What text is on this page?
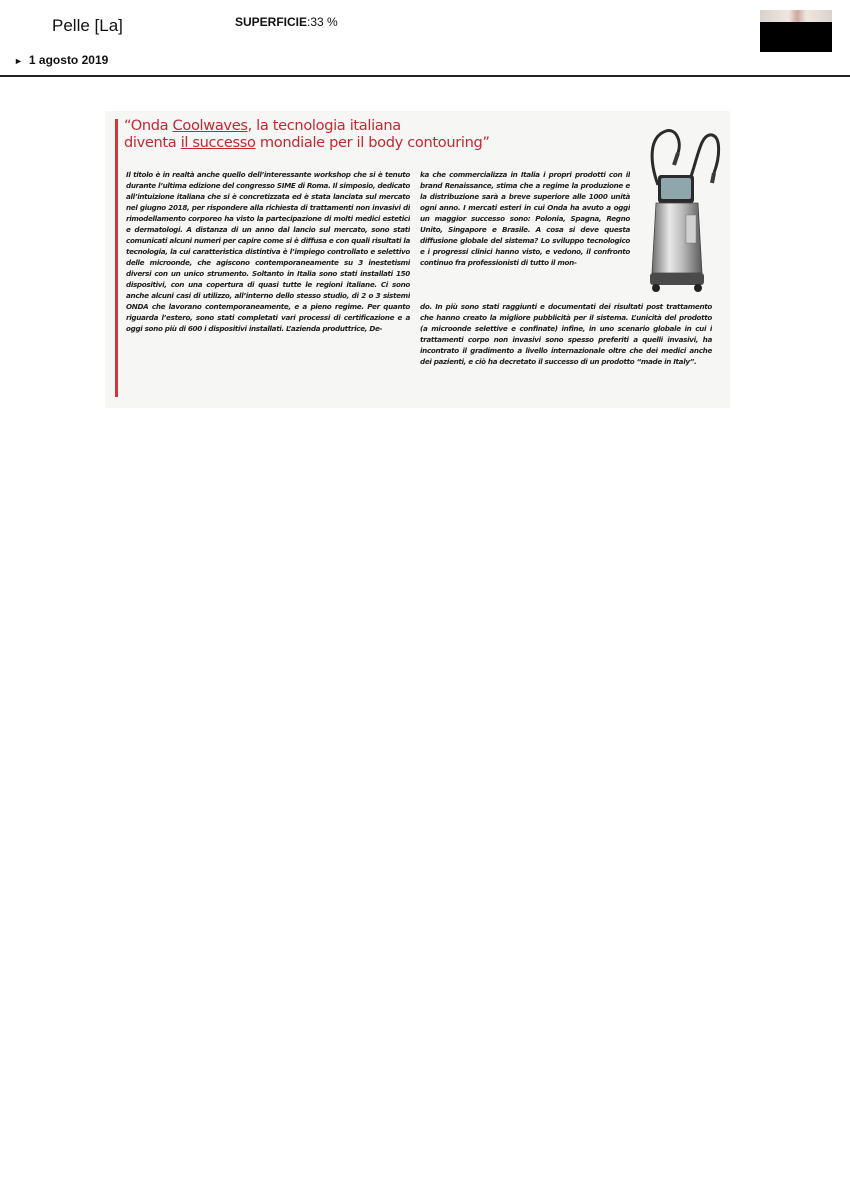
Pelle [La]	SUPERFICIE:33 %
► 1 agosto 2019
“Onda Coolwaves, la tecnologia italiana
diventa il successo mondiale per il body contouring”
Il titolo è in realtà anche quello dell’interessante workshop che si è tenuto durante l’ultima edizione del congresso SIME di Roma. Il simposio, dedicato all’intuizione italiana che si è concretizzata ed è stata lanciata sul mercato nel giugno 2018, per rispondere alla richiesta di trattamenti non invasivi di rimodellamento corporeo ha visto la partecipazione di molti medici estetici e dermatologi. A distanza di un anno dal lancio sul mercato, sono stati comunicati alcuni numeri per capire come si è diffusa e con quali risultati la tecnologia, la cui caratteristica distintiva è l’impiego controllato e selettivo delle microonde, che agiscono contemporaneamente su 3 inestetismi diversi con un unico strumento. Soltanto in Italia sono stati installati 150 dispositivi, con una copertura di quasi tutte le regioni italiane. Ci sono anche alcuni casi di utilizzo, all’interno dello stesso studio, di 2 o 3 sistemi ONDA che lavorano contemporaneamente, e a pieno regime. Per quanto riguarda l’estero, sono stati completati vari processi di certificazione e a oggi sono più di 600 i dispositivi installati. L’azienda produttrice, De-
ka che commercializza in Italia i propri prodotti con il brand Renaissance, stima che a regime la produzione e la distribuzione sarà a breve superiore alle 1000 unità ogni anno. I mercati esteri in cui Onda ha avuto a oggi un maggior successo sono: Polonia, Spagna, Regno Unito, Singapore e Brasile. A cosa si deve questa diffusione globale del sistema? Lo sviluppo tecnologico e i progressi clinici hanno visto, e vedono, il confronto continuo fra professionisti di tutto il mon-
do. In più sono stati raggiunti e documentati dei risultati post trattamento che hanno creato la migliore pubblicità per il sistema. L’unicità del prodotto (a microonde selettive e confinate) infine, in uno scenario globale in cui i trattamenti corpo non invasivi sono spesso preferiti a quelli invasivi, ha incontrato il gradimento a livello internazionale oltre che dei medici anche dei pazienti, e ciò ha decretato il successo di un prodotto “made in Italy”.
